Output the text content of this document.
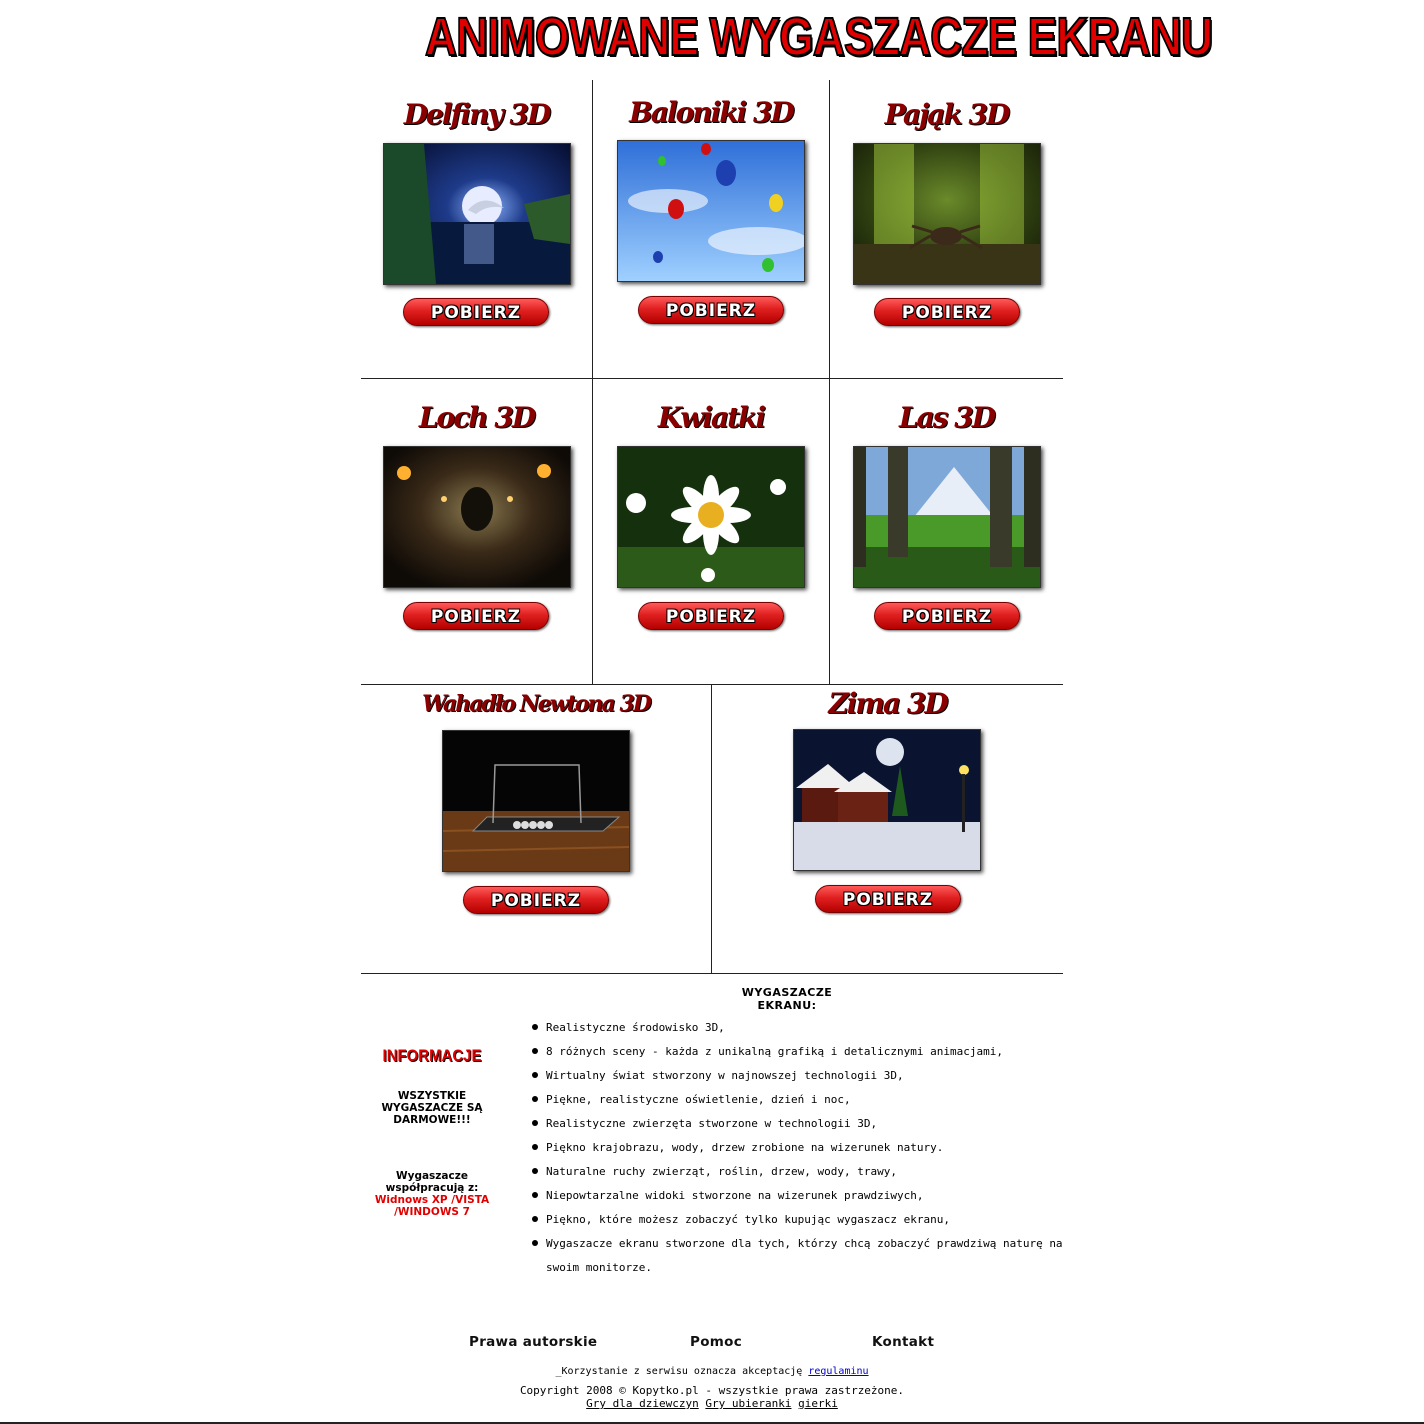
ANIMOWANE WYGASZACZE EKRANU
Delfiny 3D
POBIERZ
Baloniki 3D
POBIERZ
Pająk 3D
POBIERZ
Loch 3D
POBIERZ
Kwiatki
POBIERZ
Las 3D
POBIERZ
Wahadło Newtona 3D
POBIERZ
Zima 3D
POBIERZ
WYGASZACZE EKRANU:
INFORMACJE
WSZYSTKIE WYGASZACZE SĄ DARMOWE!!!
Wygaszacze współpracują z:
Widnows XP /VISTA /WINDOWS 7
Realistyczne środowisko 3D,
8 różnych sceny - każda z unikalną grafiką i detalicznymi animacjami,
Wirtualny świat stworzony w najnowszej technologii 3D,
Piękne, realistyczne oświetlenie, dzień i noc,
Realistyczne zwierzęta stworzone w technologii 3D,
Piękno krajobrazu, wody, drzew zrobione na wizerunek natury.
Naturalne ruchy zwierząt, roślin, drzew, wody, trawy,
Niepowtarzalne widoki stworzone na wizerunek prawdziwych,
Piękno, które możesz zobaczyć tylko kupując wygaszacz ekranu,
Wygaszacze ekranu stworzone dla tych, którzy chcą zobaczyć prawdziwą naturę na swoim monitorze.
Prawa autorskie	Pomoc	Kontakt
_Korzystanie z serwisu oznacza akceptację regulaminu
Copyright 2008 © Kopytko.pl - wszystkie prawa zastrzeżone.
Gry dla dziewczyn Gry ubieranki gierki
